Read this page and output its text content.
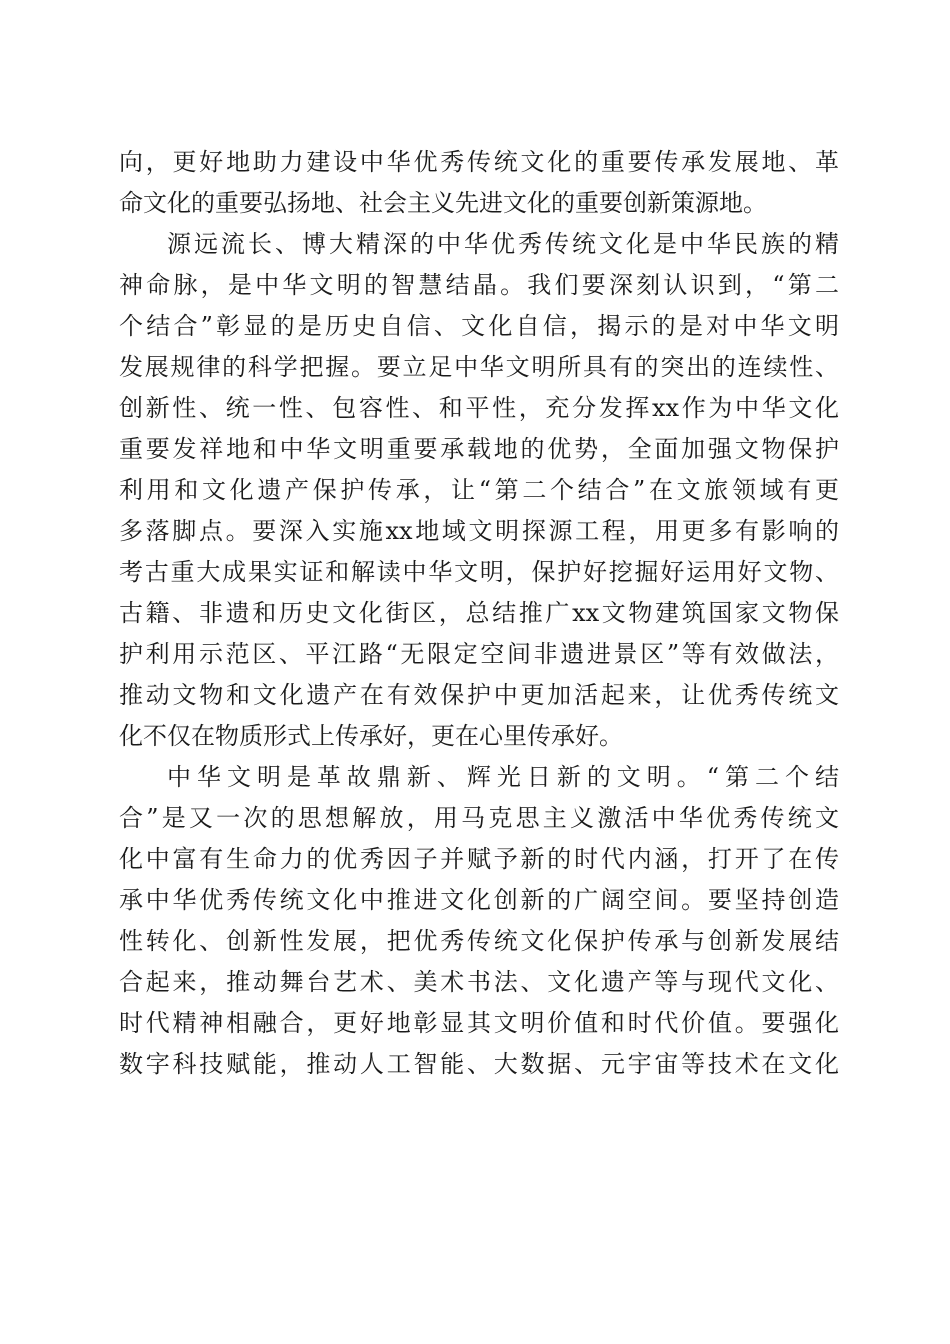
向，更好地助力建设中华优秀传统文化的重要传承发展地、革
命文化的重要弘扬地、社会主义先进文化的重要创新策源地。
源远流长、博大精深的中华优秀传统文化是中华民族的精
神命脉，是中华文明的智慧结晶。我们要深刻认识到，“第二
个结合”彰显的是历史自信、文化自信，揭示的是对中华文明
发展规律的科学把握。要立足中华文明所具有的突出的连续性、
创新性、统一性、包容性、和平性，充分发挥xx作为中华文化
重要发祥地和中华文明重要承载地的优势，全面加强文物保护
利用和文化遗产保护传承，让“第二个结合”在文旅领域有更
多落脚点。要深入实施xx地域文明探源工程，用更多有影响的
考古重大成果实证和解读中华文明，保护好挖掘好运用好文物、
古籍、非遗和历史文化街区，总结推广xx文物建筑国家文物保
护利用示范区、平江路“无限定空间非遗进景区”等有效做法，
推动文物和文化遗产在有效保护中更加活起来，让优秀传统文
化不仅在物质形式上传承好，更在心里传承好。
中华文明是革故鼎新、辉光日新的文明。“第二个结
合”是又一次的思想解放，用马克思主义激活中华优秀传统文
化中富有生命力的优秀因子并赋予新的时代内涵，打开了在传
承中华优秀传统文化中推进文化创新的广阔空间。要坚持创造
性转化、创新性发展，把优秀传统文化保护传承与创新发展结
合起来，推动舞台艺术、美术书法、文化遗产等与现代文化、
时代精神相融合，更好地彰显其文明价值和时代价值。要强化
数字科技赋能，推动人工智能、大数据、元宇宙等技术在文化
